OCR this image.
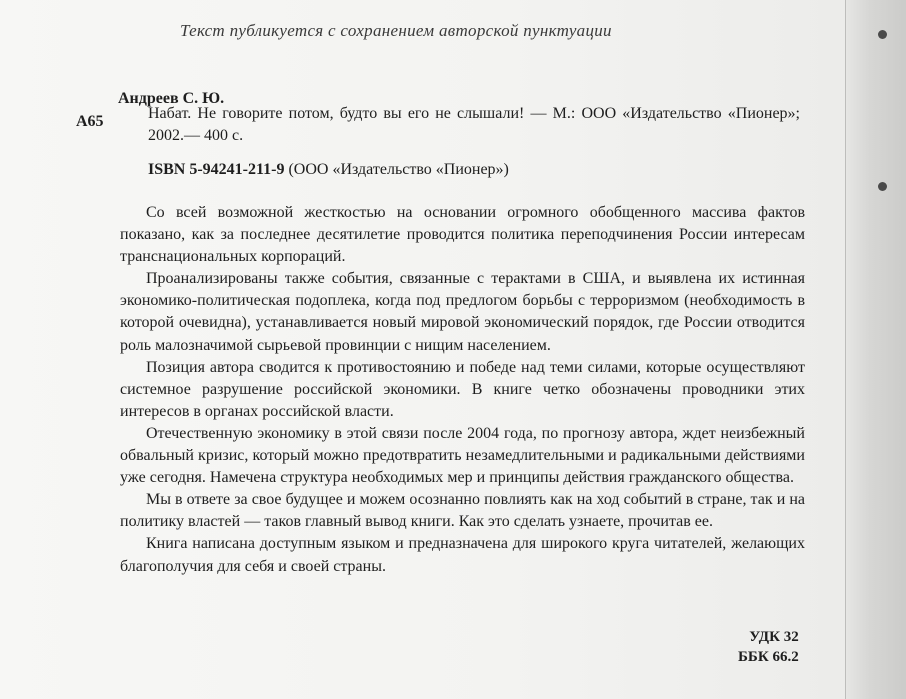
Текст публикуется с сохранением авторской пунктуации
Андреев С. Ю.
А65	Набат. Не говорите потом, будто вы его не слышали! — М.: ООО «Издательство «Пионер»; 2002.— 400 с.
ISBN 5-94241-211-9 (ООО «Издательство «Пионер»)

Со всей возможной жесткостью на основании огромного обобщенного массива фактов показано, как за последнее десятилетие проводится политика переподчинения России интересам транснациональных корпораций.

Проанализированы также события, связанные с терактами в США, и выявлена их истинная экономико-политическая подоплека, когда под предлогом борьбы с терроризмом (необходимость в которой очевидна), устанавливается новый мировой экономический порядок, где России отводится роль малозначимой сырьевой провинции с нищим населением.

Позиция автора сводится к противостоянию и победе над теми силами, которые осуществляют системное разрушение российской экономики. В книге четко обозначены проводники этих интересов в органах российской власти.

Отечественную экономику в этой связи после 2004 года, по прогнозу автора, ждет неизбежный обвальный кризис, который можно предотвратить незамедлительными и радикальными действиями уже сегодня. Намечена структура необходимых мер и принципы действия гражданского общества.

Мы в ответе за свое будущее и можем осознанно повлиять как на ход событий в стране, так и на политику властей — таков главный вывод книги. Как это сделать узнаете, прочитав ее.

Книга написана доступным языком и предназначена для широкого круга читателей, желающих благополучия для себя и своей страны.

УДК 32
ББК 66.2
